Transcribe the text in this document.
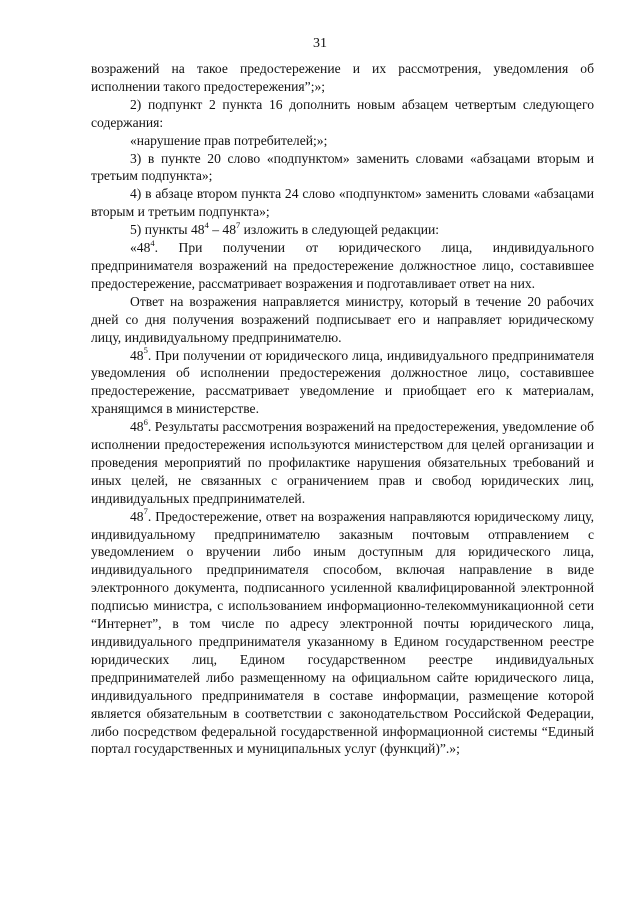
31

возражений на такое предостережение и их рассмотрения, уведомления об исполнении такого предостережения”;»;

2) подпункт 2 пункта 16 дополнить новым абзацем четвертым следующего содержания:

«нарушение прав потребителей;»;

3) в пункте 20 слово «подпунктом» заменить словами «абзацами вторым и третьим подпункта»;

4) в абзаце втором пункта 24 слово «подпунктом» заменить словами «абзацами вторым и третьим подпункта»;

5) пункты $48^4 - 48^7$ изложить в следующей редакции:

«$48^4$. При получении от юридического лица, индивидуального предпринимателя возражений на предостережение должностное лицо, составившее предостережение, рассматривает возражения и подготавливает ответ на них.

Ответ на возражения направляется министру, который в течение 20 рабочих дней со дня получения возражений подписывает его и направляет юридическому лицу, индивидуальному предпринимателю.

$48^5$. При получении от юридического лица, индивидуального предпринимателя уведомления об исполнении предостережения должностное лицо, составившее предостережение, рассматривает уведомление и приобщает его к материалам, хранящимся в министерстве.

$48^6$. Результаты рассмотрения возражений на предостережения, уведомление об исполнении предостережения используются министерством для целей организации и проведения мероприятий по профилактике нарушения обязательных требований и иных целей, не связанных с ограничением прав и свобод юридических лиц, индивидуальных предпринимателей.

$48^7$. Предостережение, ответ на возражения направляются юридическому лицу, индивидуальному предпринимателю заказным почтовым отправлением с уведомлением о вручении либо иным доступным для юридического лица, индивидуального предпринимателя способом, включая направление в виде электронного документа, подписанного усиленной квалифицированной электронной подписью министра, с использованием информационно-телекоммуникационной сети “Интернет”, в том числе по адресу электронной почты юридического лица, индивидуального предпринимателя указанному в Едином государственном реестре юридических лиц, Едином государственном реестре индивидуальных предпринимателей либо размещенному на официальном сайте юридического лица, индивидуального предпринимателя в составе информации, размещение которой является обязательным в соответствии с законодательством Российской Федерации, либо посредством федеральной государственной информационной системы “Единый портал государственных и муниципальных услуг (функций)”.»;
